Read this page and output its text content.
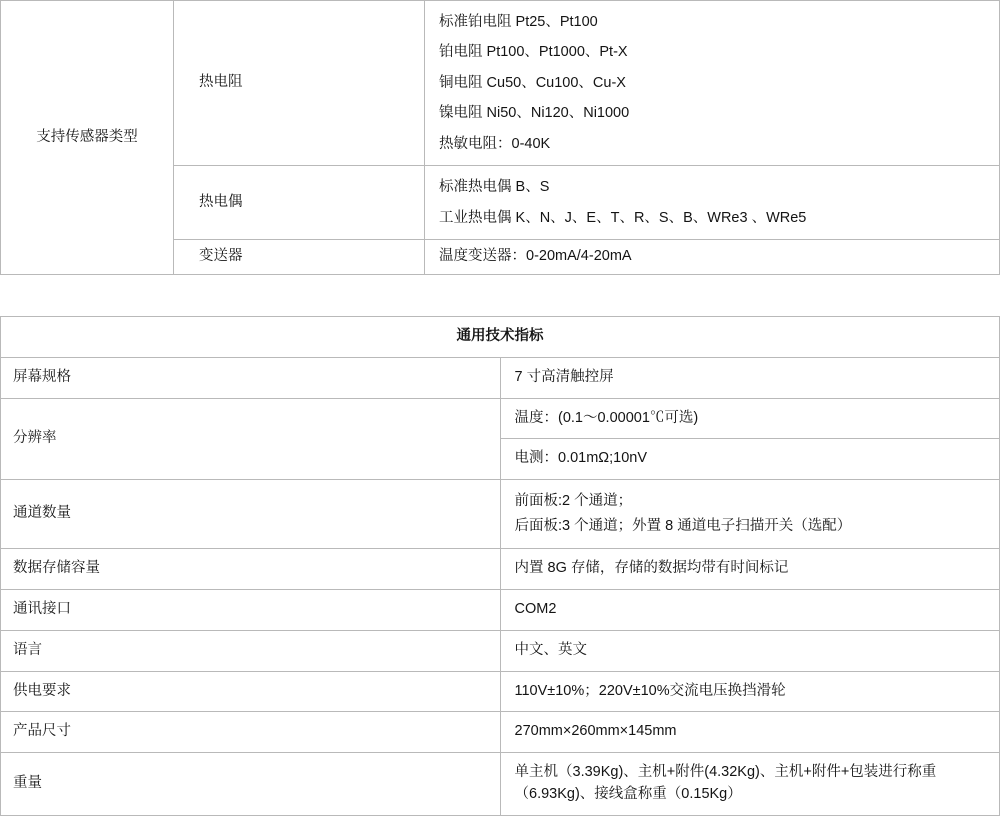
支持传感器类型	热电阻	标准铂电阻 Pt25、Pt100

铂电阻 Pt100、Pt1000、Pt-X

铜电阻 Cu50、Cu100、Cu-X

镍电阻 Ni50、Ni120、Ni1000

热敏电阻：0-40K

	热电偶	标准热电偶 B、S

工业热电偶 K、N、J、E、T、R、S、B、WRe3 、WRe5

	变送器	温度变送器：0-20mA/4-20mA
通用技术指标	
屏幕规格	7 寸高清触控屏
分辨率	温度：(0.1～0.00001℃可选)
	电测：0.01mΩ;10nV
通道数量	前面板:2 个通道；

后面板:3 个通道；外置 8 通道电子扫描开关（选配）

数据存储容量	内置 8G 存储，存储的数据均带有时间标记
通讯接口	COM2
语言	中文、英文
供电要求	110V±10%；220V±10%交流电压换挡滑轮
产品尺寸	270mm×260mm×145mm
重量	单主机（3.39Kg)、主机+附件(4.32Kg)、主机+附件+包装进行称重（6.93Kg)、接线盒称重（0.15Kg）
